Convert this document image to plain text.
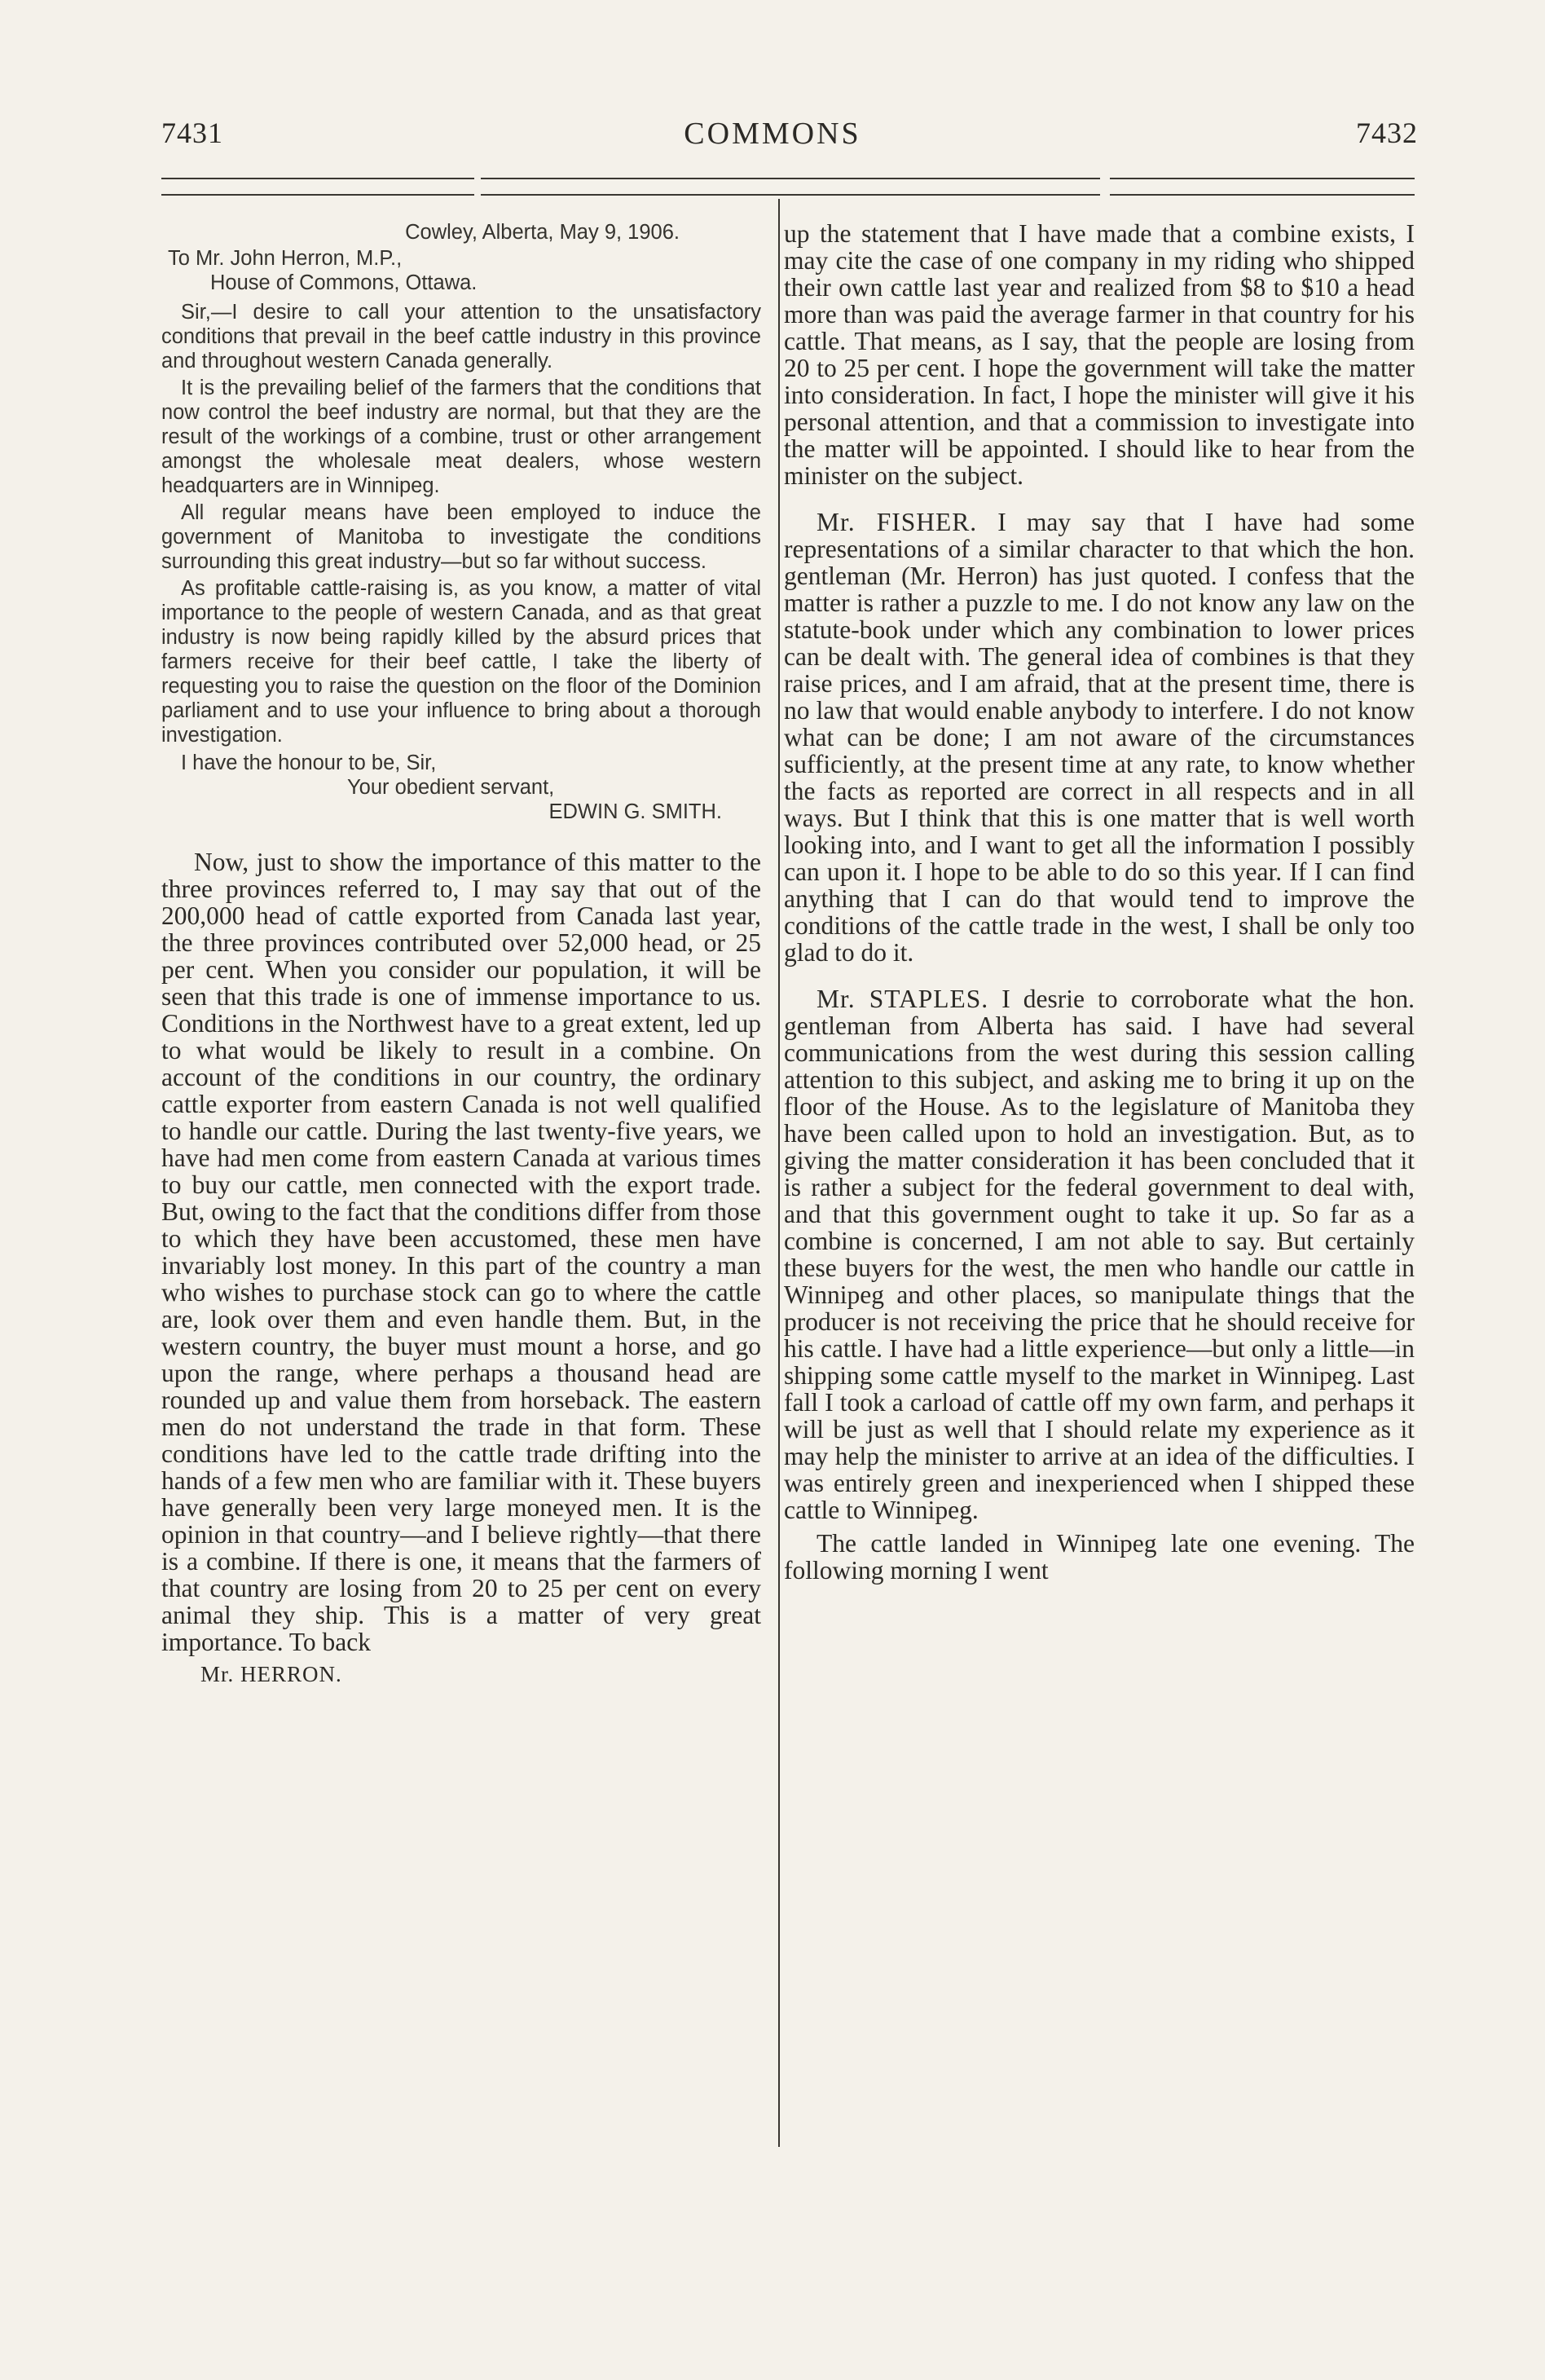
7431	COMMONS	7432
Cowley, Alberta, May 9, 1906.
To Mr. John Herron, M.P.,
House of Commons, Ottawa.

Sir,—I desire to call your attention to the unsatisfactory conditions that prevail in the beef cattle industry in this province and throughout western Canada generally.

It is the prevailing belief of the farmers that the conditions that now control the beef industry are normal, but that they are the result of the workings of a combine, trust or other arrangement amongst the wholesale meat dealers, whose western headquarters are in Winnipeg.

All regular means have been employed to induce the government of Manitoba to investigate the conditions surrounding this great industry—but so far without success.

As profitable cattle-raising is, as you know, a matter of vital importance to the people of western Canada, and as that great industry is now being rapidly killed by the absurd prices that farmers receive for their beef cattle, I take the liberty of requesting you to raise the question on the floor of the Dominion parliament and to use your influence to bring about a thorough investigation.

I have the honour to be, Sir,
Your obedient servant,
EDWIN G. SMITH.

Now, just to show the importance of this matter to the three provinces referred to, I may say that out of the 200,000 head of cattle exported from Canada last year, the three provinces contributed over 52,000 head, or 25 per cent. When you consider our population, it will be seen that this trade is one of immense importance to us. Conditions in the Northwest have to a great extent, led up to what would be likely to result in a combine. On account of the conditions in our country, the ordinary cattle exporter from eastern Canada is not well qualified to handle our cattle. During the last twenty-five years, we have had men come from eastern Canada at various times to buy our cattle, men connected with the export trade. But, owing to the fact that the conditions differ from those to which they have been accustomed, these men have invariably lost money. In this part of the country a man who wishes to purchase stock can go to where the cattle are, look over them and even handle them. But, in the western country, the buyer must mount a horse, and go upon the range, where perhaps a thousand head are rounded up and value them from horseback. The eastern men do not understand the trade in that form. These conditions have led to the cattle trade drifting into the hands of a few men who are familiar with it. These buyers have generally been very large moneyed men. It is the opinion in that country—and I believe rightly—that there is a combine. If there is one, it means that the farmers of that country are losing from 20 to 25 per cent on every animal they ship. This is a matter of very great importance. To back

Mr. HERRON.

up the statement that I have made that a combine exists, I may cite the case of one company in my riding who shipped their own cattle last year and realized from $8 to $10 a head more than was paid the average farmer in that country for his cattle. That means, as I say, that the people are losing from 20 to 25 per cent. I hope the government will take the matter into consideration. In fact, I hope the minister will give it his personal attention, and that a commission to investigate into the matter will be appointed. I should like to hear from the minister on the subject.

Mr. FISHER. I may say that I have had some representations of a similar character to that which the hon. gentleman (Mr. Herron) has just quoted. I confess that the matter is rather a puzzle to me. I do not know any law on the statute-book under which any combination to lower prices can be dealt with. The general idea of combines is that they raise prices, and I am afraid, that at the present time, there is no law that would enable anybody to interfere. I do not know what can be done; I am not aware of the circumstances sufficiently, at the present time at any rate, to know whether the facts as reported are correct in all respects and in all ways. But I think that this is one matter that is well worth looking into, and I want to get all the information I possibly can upon it. I hope to be able to do so this year. If I can find anything that I can do that would tend to improve the conditions of the cattle trade in the west, I shall be only too glad to do it.

Mr. STAPLES. I desrie to corroborate what the hon. gentleman from Alberta has said. I have had several communications from the west during this session calling attention to this subject, and asking me to bring it up on the floor of the House. As to the legislature of Manitoba they have been called upon to hold an investigation. But, as to giving the matter consideration it has been concluded that it is rather a subject for the federal government to deal with, and that this government ought to take it up. So far as a combine is concerned, I am not able to say. But certainly these buyers for the west, the men who handle our cattle in Winnipeg and other places, so manipulate things that the producer is not receiving the price that he should receive for his cattle. I have had a little experience—but only a little—in shipping some cattle myself to the market in Winnipeg. Last fall I took a carload of cattle off my own farm, and perhaps it will be just as well that I should relate my experience as it may help the minister to arrive at an idea of the difficulties. I was entirely green and inexperienced when I shipped these cattle to Winnipeg.

The cattle landed in Winnipeg late one evening. The following morning I went
